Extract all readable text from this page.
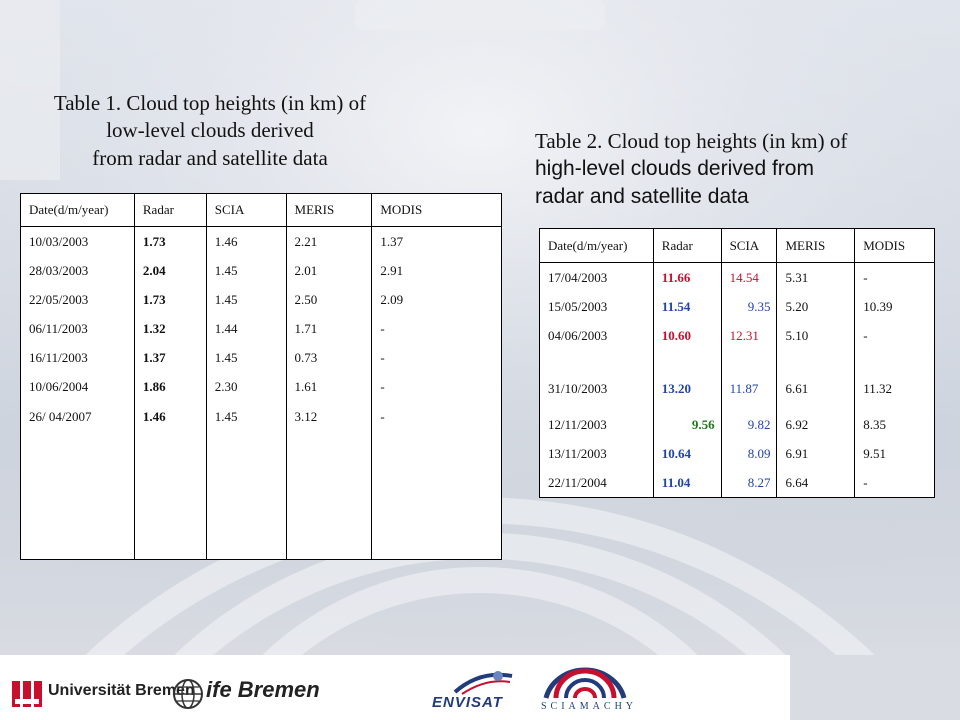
Table 1. Cloud top heights (in km) of
low-level clouds derived
from radar and satellite data
Table 2. Cloud top heights (in km) of
high-level clouds derived from
radar and satellite data
Date(d/m/year)	Radar	SCIA	MERIS	MODIS
10/03/2003	1.73	1.46	2.21	1.37
28/03/2003	2.04	1.45	2.01	2.91
22/05/2003	1.73	1.45	2.50	2.09
06/11/2003	1.32	1.44	1.71	-
16/11/2003	1.37	1.45	0.73	-
10/06/2004	1.86	2.30	1.61	-
26/ 04/2007	1.46	1.45	3.12	-
Date(d/m/year)	Radar	SCIA	MERIS	MODIS
17/04/2003	11.66	14.54	5.31	-
15/05/2003	11.54	9.35	5.20	10.39
04/06/2003	10.60	12.31	5.10	-
31/10/2003	13.20	11.87	6.61	11.32
12/11/2003	9.56	9.82	6.92	8.35
13/11/2003	10.64	8.09	6.91	9.51
22/11/2004	11.04	8.27	6.64	-
Universität Bremen ife Bremen
ENVISAT	SCIAMACHY
